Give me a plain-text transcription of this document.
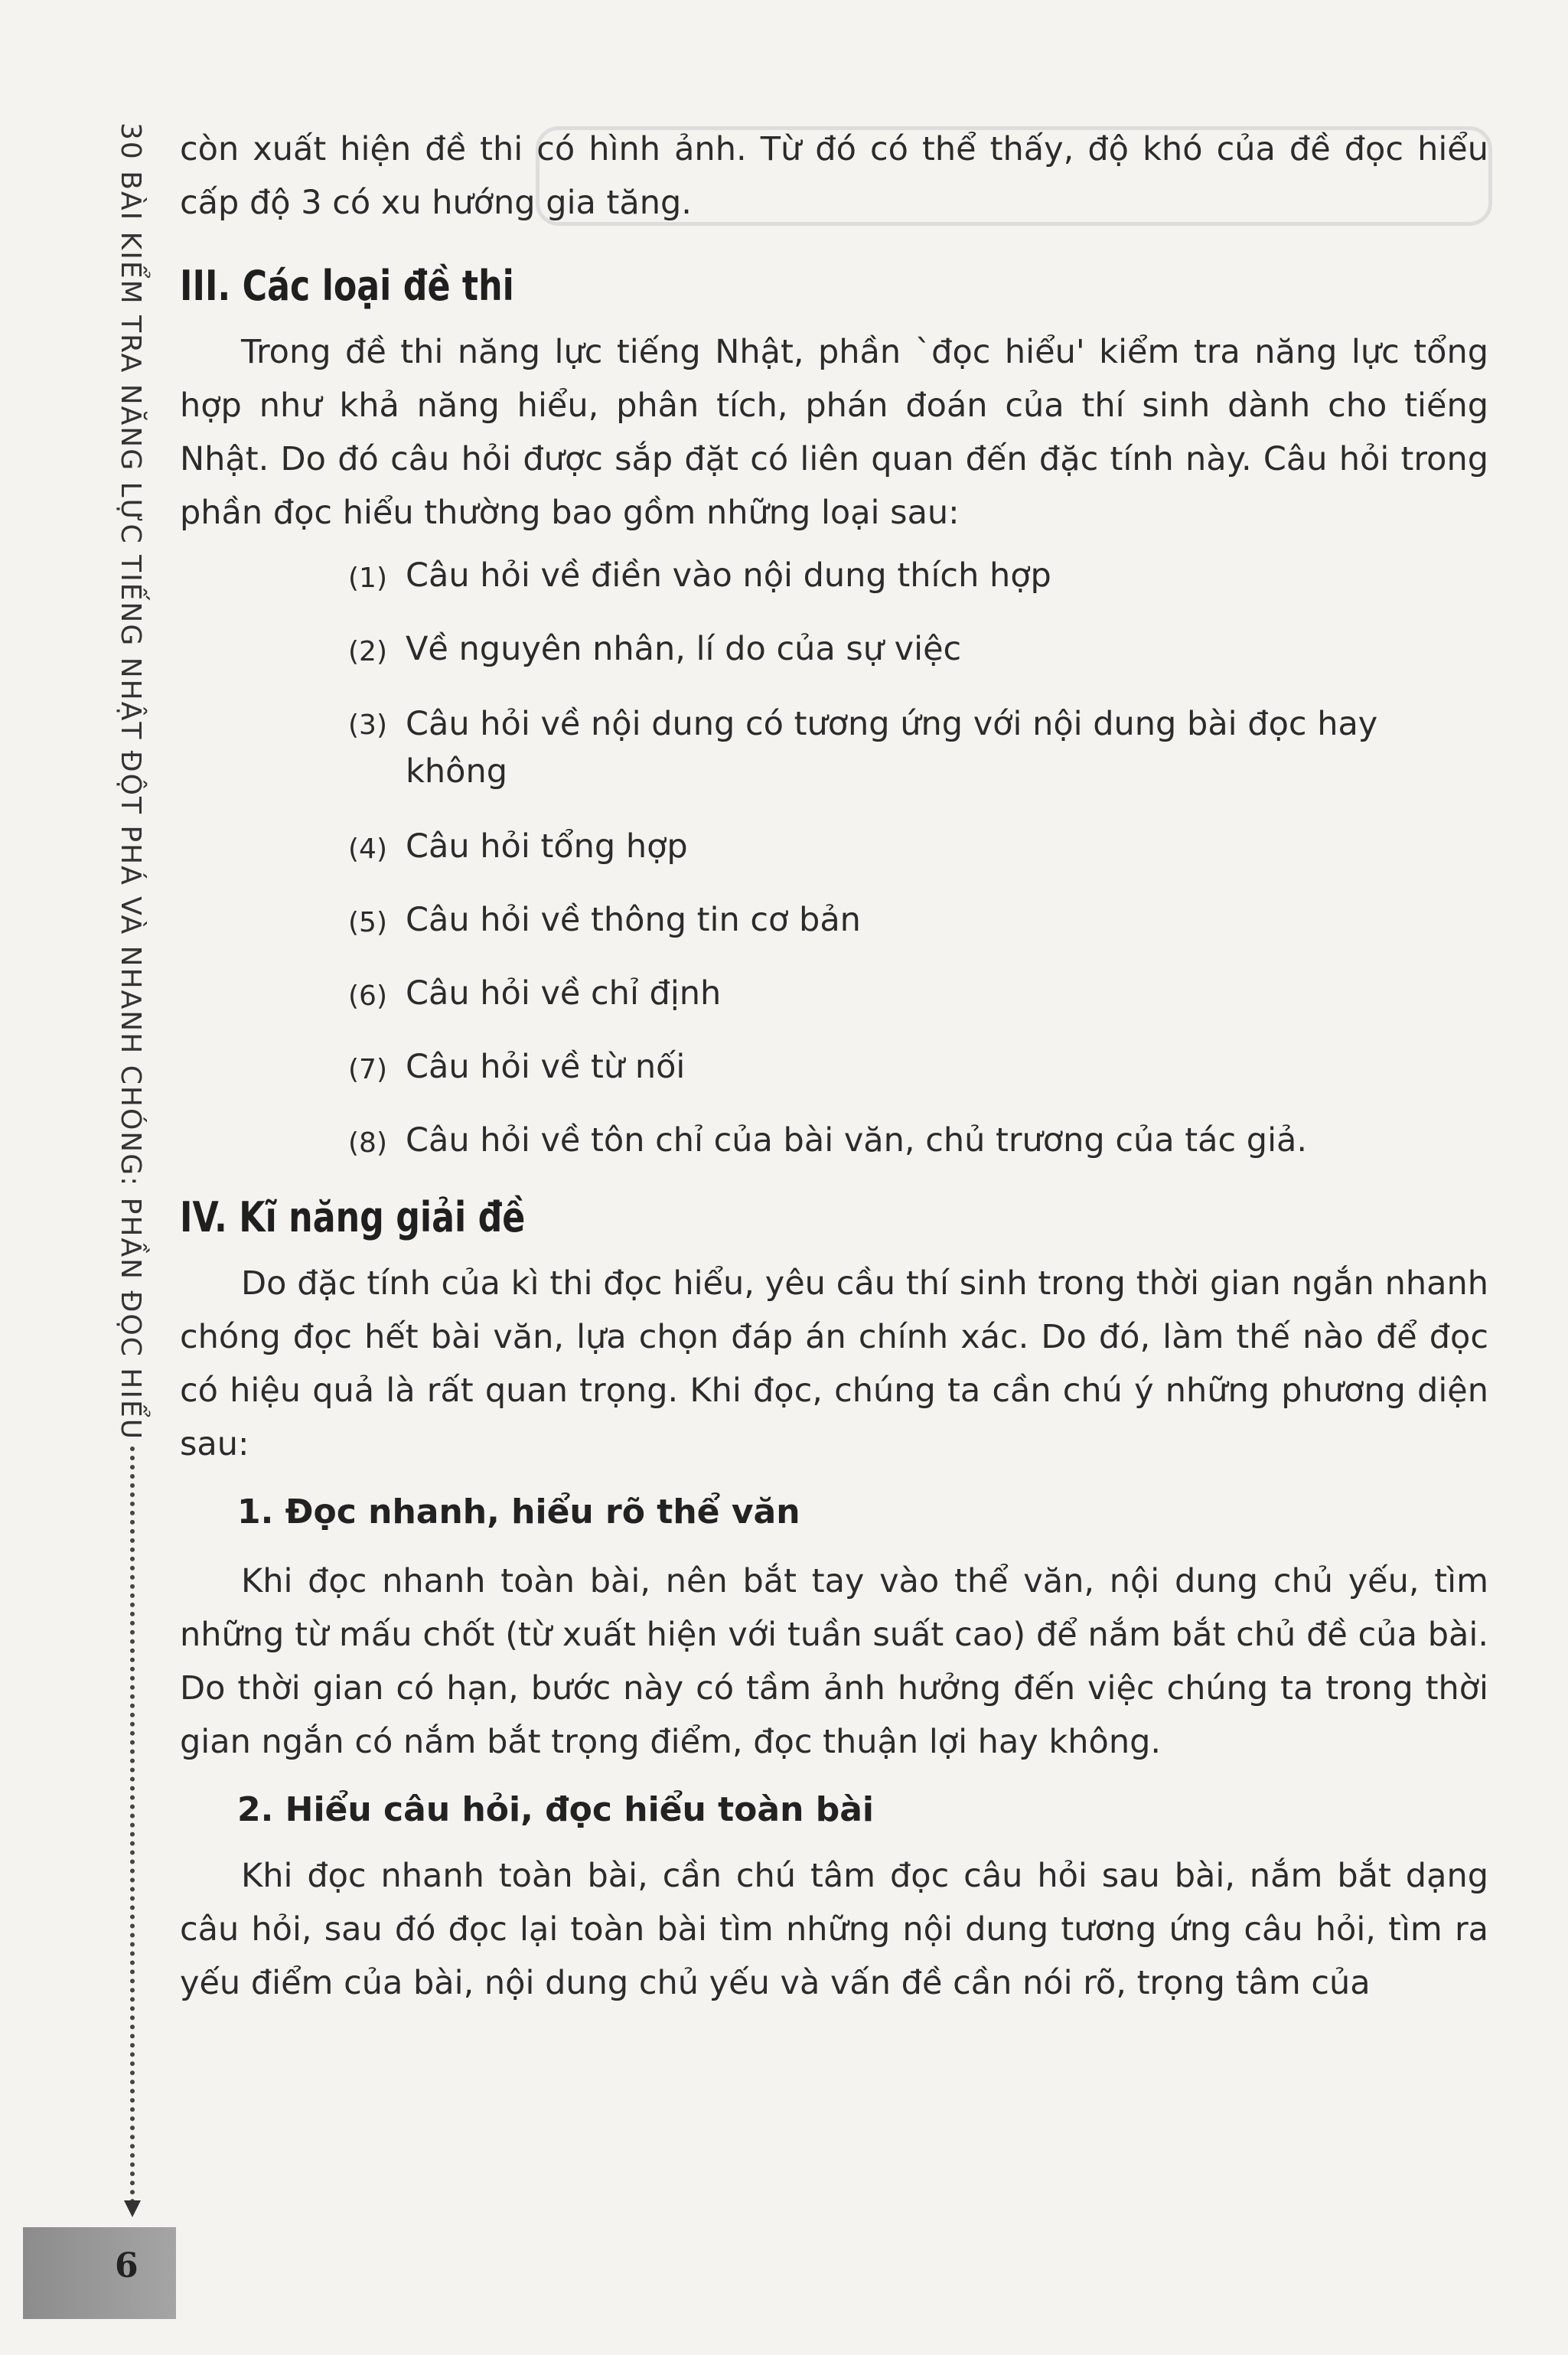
30 BÀI KIỂM TRA NĂNG LỰC TIẾNG NHẬT ĐỘT PHÁ VÀ NHANH CHÓNG: PHẦN ĐỌC HIỂU
6

còn xuất hiện đề thi có hình ảnh. Từ đó có thể thấy, độ khó của đề đọc hiểu cấp độ 3 có xu hướng gia tăng.

III. Các loại đề thi

Trong đề thi năng lực tiếng Nhật, phần `đọc hiểu' kiểm tra năng lực tổng hợp như khả năng hiểu, phân tích, phán đoán của thí sinh dành cho tiếng Nhật. Do đó câu hỏi được sắp đặt có liên quan đến đặc tính này. Câu hỏi trong phần đọc hiểu thường bao gồm những loại sau:

(1) Câu hỏi về điền vào nội dung thích hợp
(2) Về nguyên nhân, lí do của sự việc
(3) Câu hỏi về nội dung có tương ứng với nội dung bài đọc hay không
(4) Câu hỏi tổng hợp
(5) Câu hỏi về thông tin cơ bản
(6) Câu hỏi về chỉ định
(7) Câu hỏi về từ nối
(8) Câu hỏi về tôn chỉ của bài văn, chủ trương của tác giả.
IV. Kĩ năng giải đề

Do đặc tính của kì thi đọc hiểu, yêu cầu thí sinh trong thời gian ngắn nhanh chóng đọc hết bài văn, lựa chọn đáp án chính xác. Do đó, làm thế nào để đọc có hiệu quả là rất quan trọng. Khi đọc, chúng ta cần chú ý những phương diện sau:

1. Đọc nhanh, hiểu rõ thể văn

Khi đọc nhanh toàn bài, nên bắt tay vào thể văn, nội dung chủ yếu, tìm những từ mấu chốt (từ xuất hiện với tuần suất cao) để nắm bắt chủ đề của bài. Do thời gian có hạn, bước này có tầm ảnh hưởng đến việc chúng ta trong thời gian ngắn có nắm bắt trọng điểm, đọc thuận lợi hay không.

2. Hiểu câu hỏi, đọc hiểu toàn bài

Khi đọc nhanh toàn bài, cần chú tâm đọc câu hỏi sau bài, nắm bắt dạng câu hỏi, sau đó đọc lại toàn bài tìm những nội dung tương ứng câu hỏi, tìm ra yếu điểm của bài, nội dung chủ yếu và vấn đề cần nói rõ, trọng tâm của
